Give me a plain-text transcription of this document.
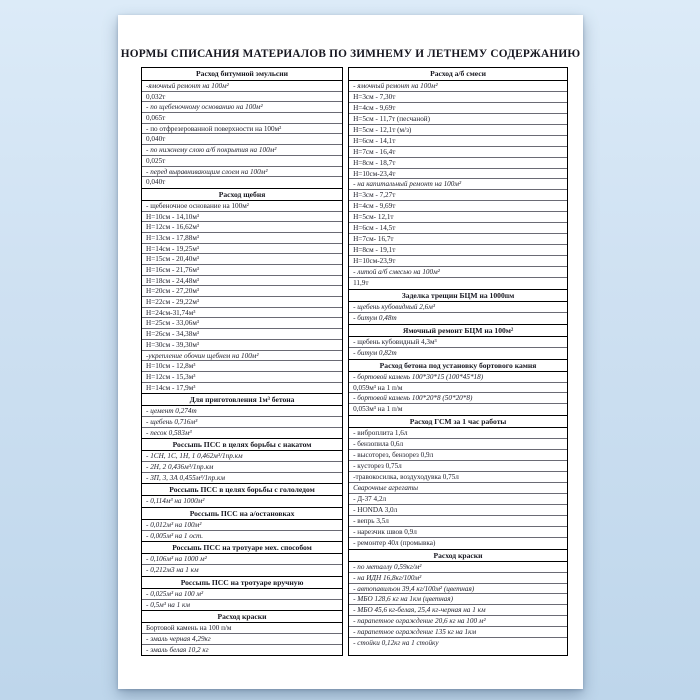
НОРМЫ СПИСАНИЯ МАТЕРИАЛОВ ПО ЗИМНЕМУ И ЛЕТНЕМУ СОДЕРЖАНИЮ
Расход битумной эмульсии
-ямочный ремонт на 100м²
0,032т
- по щебеночному основанию на 100м²
0,065т
- по отфрезерованной поверхности на 100м²
0,040т
- по нижнему слою а/б покрытия на 100м²
0,025т
- перед выравнивающим слоем на 100м²
0,040т
Расход щебня
- щебеночное основание на 100м²
Н=10см - 14,10м³
Н=12см - 16,62м³
Н=13см - 17,88м³
Н=14см - 19,25м³
Н=15см - 20,40м³
Н=16см - 21,76м³
Н=18см - 24,48м³
Н=20см - 27,20м³
Н=22см - 29,22м³
Н=24см-31,74м³
Н=25см - 33,06м³
Н=26см - 34,38м³
Н=30см - 39,30м³
-укрепление обочин щебнем на 100м²
Н=10см - 12,8м³
Н=12см - 15,3м³
Н=14см - 17,9м³
Для приготовления 1м³ бетона
- цемент 0,274т
- щебень 0,716м³
- песок 0,583м³
Россыпь ПСС в целях борьбы с накатом
- 1СН, 1С, 1Н, 1 0,462м³/1пр.км
- 2Н, 2 0,436м³/1пр.км
- 3П, 3, 3А 0,455м³/1пр.км
Россыпь ПСС в целях борьбы с гололедом
- 0,114м³ на 1000м²
Россыпь ПСС на а/остановках
- 0,012м³ на 100м²
- 0,005м³ на 1 ост.
Россыпь ПСС на тротуаре мех. способом
- 0,106м³ на 1000 м²
- 0,212м3 на 1 км
Россыпь ПСС на тротуаре вручную
- 0,025м³ на 100 м²
- 0,5м³ на 1 км
Расход краски
Бортовой камень на 100 п/м
- эмаль черная 4,29кг
- эмаль белая 10,2 кг
Расход а/б смеси
- ямочный ремонт на 100м²
Н=3см - 7,30т
Н=4см - 9,69т
Н=5см - 11,7т (песчаной)
Н=5см - 12,1т (м/з)
Н=6см - 14,1т
Н=7см - 16,4т
Н=8см - 18,7т
Н=10см-23,4т
- на капитальный ремонт на 100м²
Н=3см - 7,27т
Н=4см - 9,69т
Н=5см- 12,1т
Н=6см - 14,5т
Н=7см- 16,7т
Н=8см - 19,1т
Н=10см-23,9т
- литой а/б смесью на 100м²
11,9т
Заделка трещин БЦМ на 1000пм
- щебень кубовидный 2,6м³
- битум 0,48т
Ямочный ремонт БЦМ на 100м²
- щебень кубовидный 4,3м³
- битум 0,82т
Расход бетона под установку бортового камня
- бортовой камень 100*30*15 (100*45*18)
0,059м³ на 1 п/м
- бортовой камень 100*20*8 (50*20*8)
0,053м³ на 1 п/м
Расход ГСМ за 1 час работы
- виброплита 1,6л
- бензопила 0,6л
- высоторез, бензорез 0,9л
- кусторез 0,75л
-травокосилка, воздуходувка 0,75л
Сварочные агрегаты
- Д-37 4,2л
- HONDA 3,0л
- вепрь 3,5л
- нарезчик швов 0,9л
- ремонтер 40л (промывка)
Расход краски
- по металлу 0,59кг/м²
- на ИДН 16,8кг/100м²
- автопавильон 39,4 кг/100м² (цветная)
- МБО 128,6 кг на 1км (цветная)
- МБО 45,6 кг-белая, 25,4 кг-черная на 1 км
- парапетное ограждение 20,6 кг на 100 м²
- парапетное ограждение 135 кг на 1км
- стойки 0,12кг на 1 стойку
